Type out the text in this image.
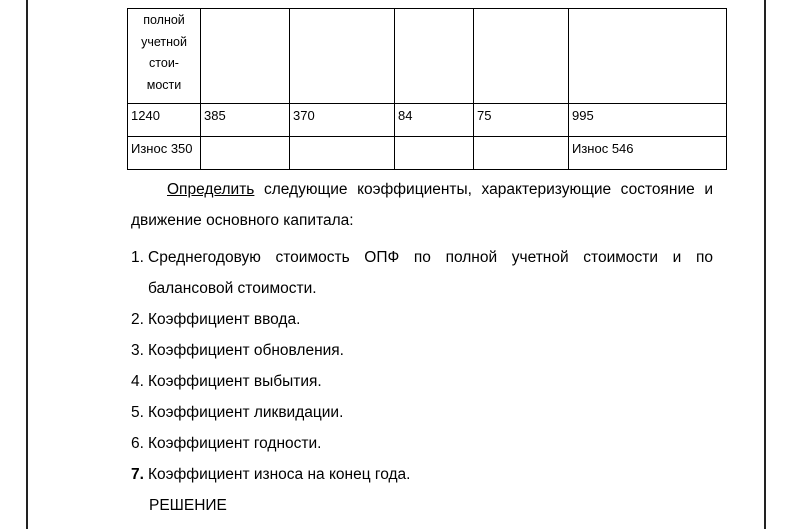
полной
учетной
стои-
мости					

1240	385	370	84	75	995
Износ 350					Износ 546

Определить следующие коэффициенты, характеризующие состояние и движение основного капитала:

1. Среднегодовую стоимость ОПФ по полной учетной стоимости и по балансовой стоимости.
2. Коэффициент ввода.
3. Коэффициент обновления.
4. Коэффициент выбытия.
5. Коэффициент ликвидации.
6. Коэффициент годности.
7. Коэффициент износа на конец года.

РЕШЕНИЕ
